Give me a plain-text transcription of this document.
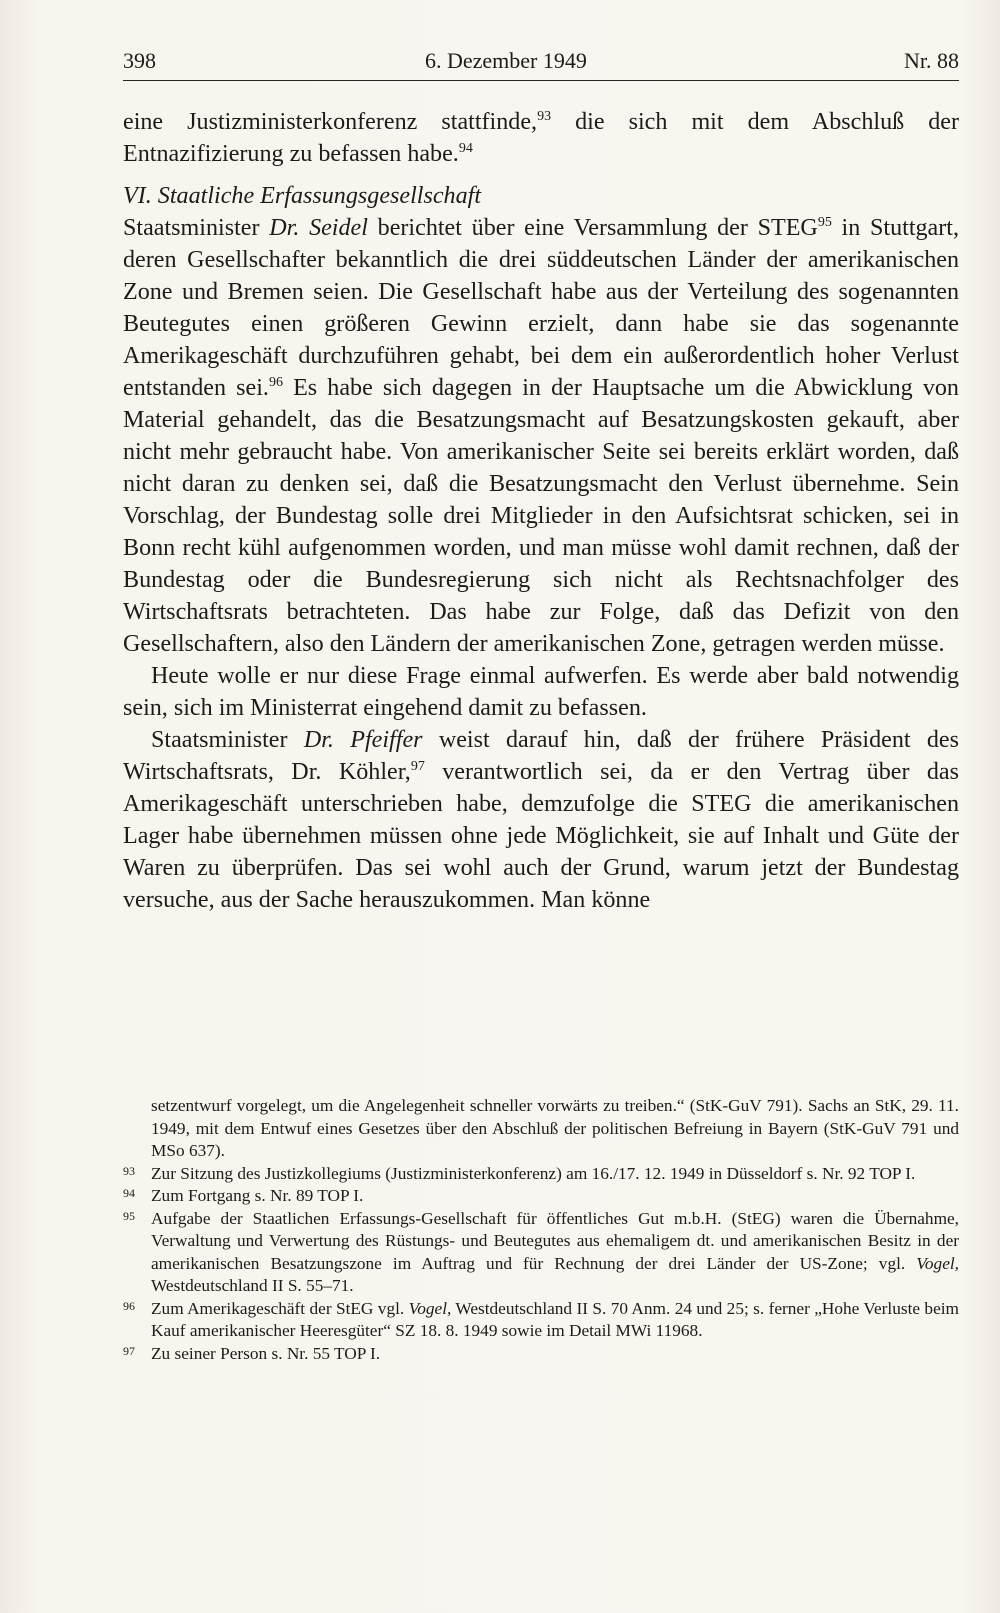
398	6. Dezember 1949	Nr. 88

eine Justizministerkonferenz stattfinde,$^{93}$ die sich mit dem Abschluß der Entnazifizierung zu befassen habe.$^{94}$

VI. Staatliche Erfassungsgesellschaft

Staatsminister Dr. Seidel berichtet über eine Versammlung der STEG$^{95}$ in Stuttgart, deren Gesellschafter bekanntlich die drei süddeutschen Länder der amerikanischen Zone und Bremen seien. Die Gesellschaft habe aus der Verteilung des sogenannten Beutegutes einen größeren Gewinn erzielt, dann habe sie das sogenannte Amerikageschäft durchzuführen gehabt, bei dem ein außerordentlich hoher Verlust entstanden sei.$^{96}$ Es habe sich dagegen in der Hauptsache um die Abwicklung von Material gehandelt, das die Besatzungsmacht auf Besatzungskosten gekauft, aber nicht mehr gebraucht habe. Von amerikanischer Seite sei bereits erklärt worden, daß nicht daran zu denken sei, daß die Besatzungsmacht den Verlust übernehme. Sein Vorschlag, der Bundestag solle drei Mitglieder in den Aufsichtsrat schicken, sei in Bonn recht kühl aufgenommen worden, und man müsse wohl damit rechnen, daß der Bundestag oder die Bundesregierung sich nicht als Rechtsnachfolger des Wirtschaftsrats betrachteten. Das habe zur Folge, daß das Defizit von den Gesellschaftern, also den Ländern der amerikanischen Zone, getragen werden müsse.

Heute wolle er nur diese Frage einmal aufwerfen. Es werde aber bald notwendig sein, sich im Ministerrat eingehend damit zu befassen.

Staatsminister Dr. Pfeiffer weist darauf hin, daß der frühere Präsident des Wirtschaftsrats, Dr. Köhler,$^{97}$ verantwortlich sei, da er den Vertrag über das Amerikageschäft unterschrieben habe, demzufolge die STEG die amerikanischen Lager habe übernehmen müssen ohne jede Möglichkeit, sie auf Inhalt und Güte der Waren zu überprüfen. Das sei wohl auch der Grund, warum jetzt der Bundestag versuche, aus der Sache herauszukommen. Man könne

setzentwurf vorgelegt, um die Angelegenheit schneller vorwärts zu treiben.“ (StK-GuV 791). Sachs an StK, 29. 11. 1949, mit dem Entwuf eines Gesetzes über den Abschluß der politischen Befreiung in Bayern (StK-GuV 791 und MSo 637).

93 Zur Sitzung des Justizkollegiums (Justizministerkonferenz) am 16./17. 12. 1949 in Düsseldorf s. Nr. 92 TOP I.

94 Zum Fortgang s. Nr. 89 TOP I.

95 Aufgabe der Staatlichen Erfassungs-Gesellschaft für öffentliches Gut m.b.H. (StEG) waren die Übernahme, Verwaltung und Verwertung des Rüstungs- und Beutegutes aus ehemaligem dt. und amerikanischen Besitz in der amerikanischen Besatzungszone im Auftrag und für Rechnung der drei Länder der US-Zone; vgl. Vogel, Westdeutschland II S. 55–71.

96 Zum Amerikageschäft der StEG vgl. Vogel, Westdeutschland II S. 70 Anm. 24 und 25; s. ferner „Hohe Verluste beim Kauf amerikanischer Heeresgüter“ SZ 18. 8. 1949 sowie im Detail MWi 11968.

97 Zu seiner Person s. Nr. 55 TOP I.
